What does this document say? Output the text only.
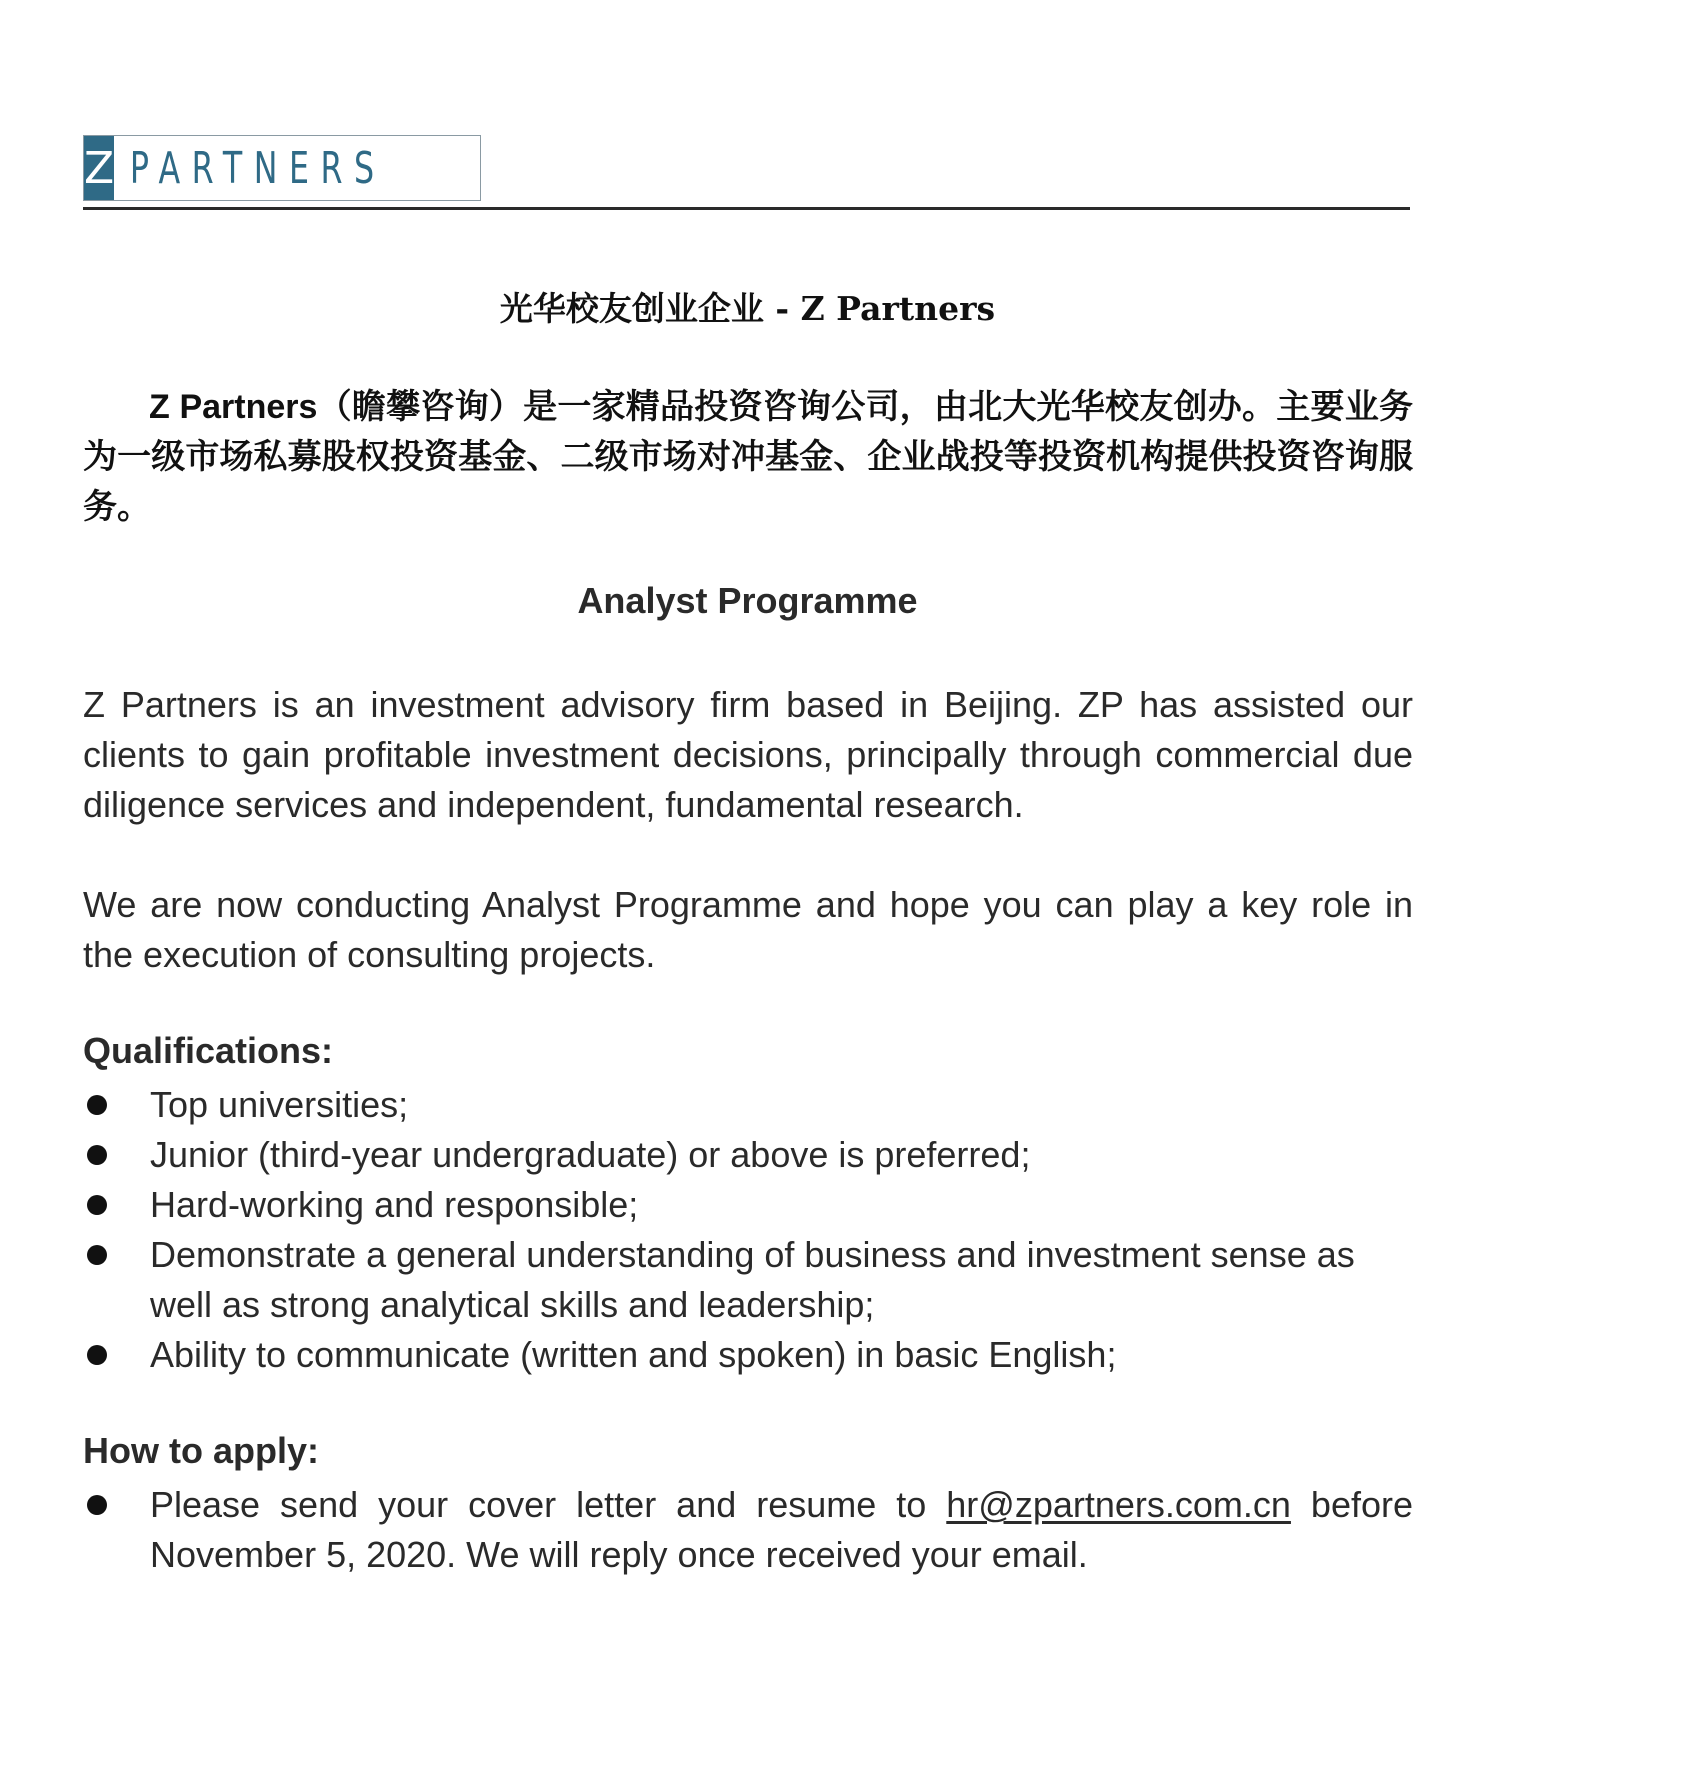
Z PARTNERS
光华校友创业企业 - Z Partners
Z Partners（瞻攀咨询）是一家精品投资咨询公司，由北大光华校友创办。主要业务为一级市场私募股权投资基金、二级市场对冲基金、企业战投等投资机构提供投资咨询服务。
Analyst Programme
Z Partners is an investment advisory firm based in Beijing. ZP has assisted our clients to gain profitable investment decisions, principally through commercial due diligence services and independent, fundamental research.
We are now conducting Analyst Programme and hope you can play a key role in the execution of consulting projects.
Qualifications:
Top universities;
Junior (third-year undergraduate) or above is preferred;
Hard-working and responsible;
Demonstrate a general understanding of business and investment sense as well as strong analytical skills and leadership;
Ability to communicate (written and spoken) in basic English;
How to apply:
Please send your cover letter and resume to hr@zpartners.com.cn before November 5, 2020. We will reply once received your email.
